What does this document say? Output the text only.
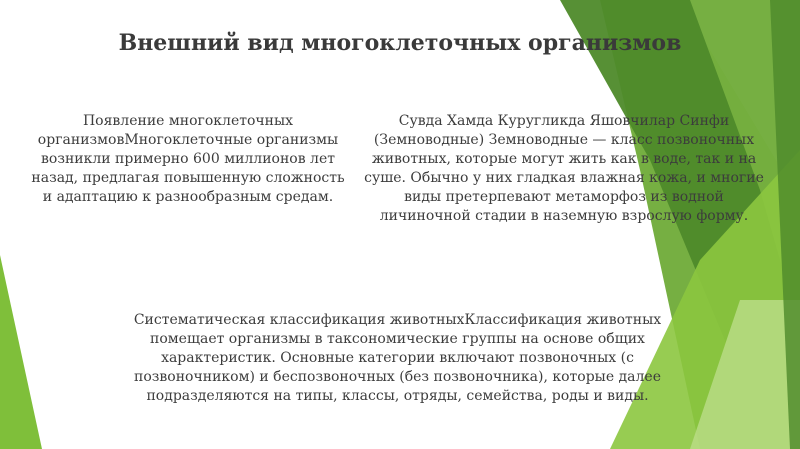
Внешний вид многоклеточных организмов
Появление многоклеточных организмовМногоклеточные организмы возникли примерно 600 миллионов лет назад, предлагая повышенную сложность и адаптацию к разнообразным средам.
Сувда Хамда Куругликда Яшовчилар Синфи (Земноводные) Земноводные — класс позвоночных животных, которые могут жить как в воде, так и на суше. Обычно у них гладкая влажная кожа, и многие виды претерпевают метаморфоз из водной личиночной стадии в наземную взрослую форму.
Систематическая классификация животныхКлассификация животных помещает организмы в таксономические группы на основе общих характеристик. Основные категории включают позвоночных (с позвоночником) и беспозвоночных (без позвоночника), которые далее подразделяются на типы, классы, отряды, семейства, роды и виды.
